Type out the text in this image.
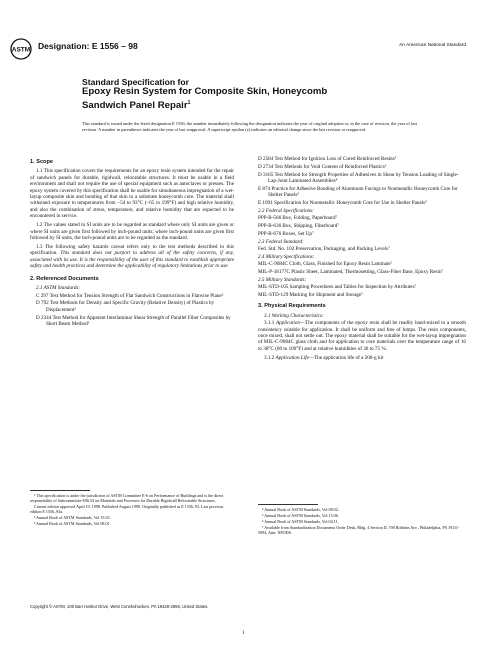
ASTM Designation: E 1556 – 98	An American National Standard
Standard Specification for
Epoxy Resin System for Composite Skin, Honeycomb
Sandwich Panel Repair$^1$
This standard is issued under the fixed designation E 1556; the number immediately following the designation indicates the year of original adoption or, in the case of revision, the year of last revision. A number in parentheses indicates the year of last reapproval. A superscript epsilon (ε) indicates an editorial change since the last revision or reapproval.
1. Scope

1.1 This specification covers the requirements for an epoxy resin system intended for the repair of sandwich panels for durable, rigidwall, relocatable structures. It must be usable in a field environment and shall not require the use of special equipment such as autoclaves or presses. The epoxy system covered by this specification shall be usable for simultaneous impregnation of a wet-layup composite skin and bonding of that skin to a substrate honeycomb core. The material shall withstand exposure to temperatures from −54 to 93°C (−65 to 199°F) and high relative humidity, and also the combination of stress, temperature, and relative humidity that are expected to be encountered in service.

1.2 The values stated in SI units are to be regarded as standard where only SI units are given or where SI units are given first followed by inch-pound units; where inch-pound units are given first followed by SI units, the inch-pound units are to be regarded as the standard.

1.3 The following safety hazards caveat refers only to the test methods described in this specification. This standard does not purport to address all of the safety concerns, if any, associated with its use. It is the responsibility of the user of this standard to establish appropriate safety and health practices and determine the applicability of regulatory limitations prior to use.

2. Referenced Documents
2.1 ASTM Standards:
C 297 Test Method for Tension Strength of Flat Sandwich Constructions in Flatwise Plane²
D 792 Test Methods for Density and Specific Gravity (Relative Density) of Plastics by Displacement³
D 2344 Test Method for Apparent Interlaminar Shear Strength of Parallel Fiber Composites by Short Beam Method³
¹ This specification is under the jurisdiction of ASTM Committee E-6 on Performance of Buildings and is the direct responsibility of Subcommittee E06.53 on Materials and Processes for Durable Rigidwall Relocatable Structures.
Current edition approved April 10, 1998. Published August 1998. Originally published as E 1556–93. Last previous edition E 1556–93a.
² Annual Book of ASTM Standards, Vol 15.03.
³ Annual Book of ASTM Standards, Vol 08.01.
D 2584 Test Method for Ignition Loss of Cured Reinforced Resins³
D 2734 Test Methods for Void Content of Reinforced Plastics³
D 3165 Test Method for Strength Properties of Adhesives in Shear by Tension Loading of Single-Lap-Joint Laminated Assemblies⁴
E 874 Practice for Adhesive Bonding of Aluminum Facings to Nonmetallic Honeycomb Core for Shelter Panels⁵
E 1091 Specification for Nonmetallic Honeycomb Core for Use in Shelter Panels⁵
2.2 Federal Specifications:
PPP-B-566 Box, Folding, Paperboard⁷
PPP-B-636 Box, Shipping, Fiberboard⁷
PPP-B-676 Boxes, Set Up⁷
2.3 Federal Standard:
Fed. Std. No. 102 Preservation, Packaging, and Packing Levels⁷
2.4 Military Specifications:
MIL-C-9084C Cloth, Glass, Finished for Epoxy Resin Laminate⁷
MIL-P-18177C Plastic Sheet, Laminated, Thermosetting, Glass-Fiber Base, Epoxy Resin⁷
2.5 Military Standards:
MIL-STD-105 Sampling Procedures and Tables for Inspection by Attributes⁷
MIL-STD-129 Marking for Shipment and Storage⁷
3. Physical Requirements
3.1 Working Characteristics:

3.1.1 Application—The components of the epoxy resin shall be readily hand-mixed to a smooth consistency suitable for application. It shall be uniform and free of lumps. The resin components, once mixed, shall not settle out. The epoxy material shall be suitable for the wet-layup impregnation of MIL-C-9084C glass cloth and for application to core materials over the temperature range of 16 to 38°C (60 to 100°F) and at relative humidities of 30 to 75 %.

3.1.2 Application Life—The application life of a 200-g kit

⁴ Annual Book of ASTM Standards, Vol 08.02.
⁵ Annual Book of ASTM Standards, Vol 15.06.
⁶ Annual Book of ASTM Standards, Vol 04.11.
⁷ Available from Standardization Documents Order Desk, Bldg. 4 Section D, 700 Robbins Ave., Philadelphia, PA 19111-5094, Attn: NPODS.
Copyright © ASTM, 100 Barr Harbor Drive, West Conshohocken, PA 19428-2959, United States.
1
